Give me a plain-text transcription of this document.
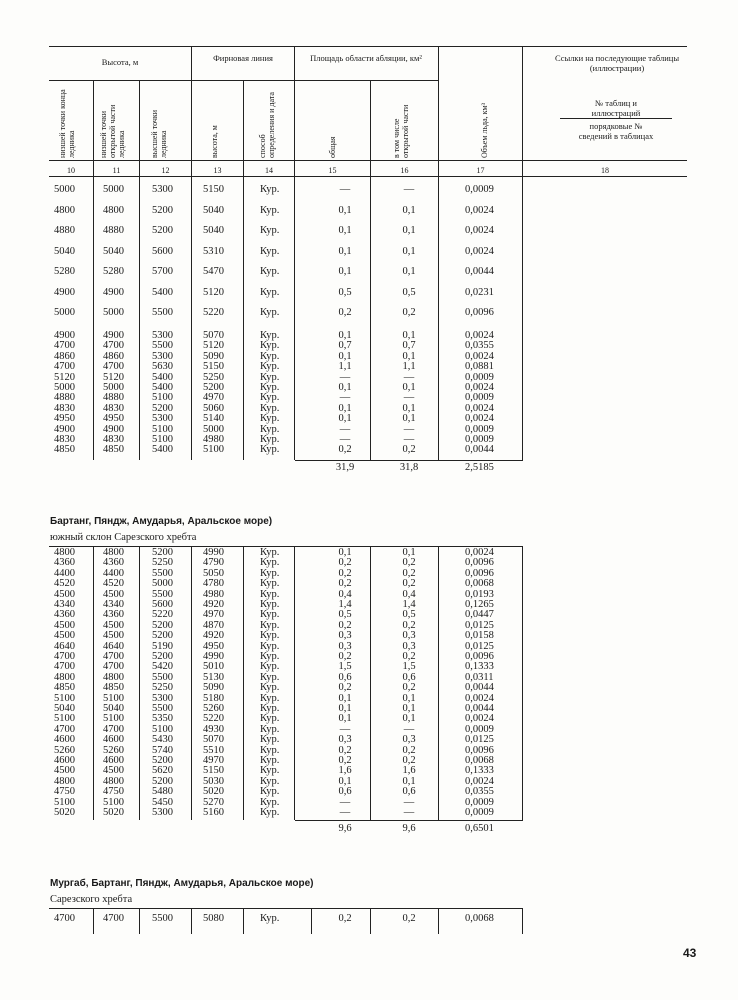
Высота, м	Фирновая линия	Площадь области абляции, км²	Ссылки на последующие таблицы (иллюстрации)
№ таблиц и иллюстраций
порядковые № сведений в таблицах
низшей точки конца ледника	низшей точки открытой части ледника	высшей точки ледника	высота, м	способ определения и дата	общая	в том числе открытой части	Объем льда, км³
10	11	12	13	14	15	16	17	18
5000	5000	5300	5150	Кур.	—	—	0,0009
4800	4800	5200	5040	Кур.	0,1	0,1	0,0024
4880	4880	5200	5040	Кур.	0,1	0,1	0,0024
5040	5040	5600	5310	Кур.	0,1	0,1	0,0024
5280	5280	5700	5470	Кур.	0,1	0,1	0,0044
4900	4900	5400	5120	Кур.	0,5	0,5	0,0231
5000	5000	5500	5220	Кур.	0,2	0,2	0,0096
4900	4900	5300	5070	Кур.	0,1	0,1	0,0024
4700	4700	5500	5120	Кур.	0,7	0,7	0,0355
4860	4860	5300	5090	Кур.	0,1	0,1	0,0024
4700	4700	5630	5150	Кур.	1,1	1,1	0,0881
5120	5120	5400	5250	Кур.	—	—	0,0009
5000	5000	5400	5200	Кур.	0,1	0,1	0,0024
4880	4880	5100	4970	Кур.	—	—	0,0009
4830	4830	5200	5060	Кур.	0,1	0,1	0,0024
4950	4950	5300	5140	Кур.	0,1	0,1	0,0024
4900	4900	5100	5000	Кур.	—	—	0,0009
4830	4830	5100	4980	Кур.	—	—	0,0009
4850	4850	5400	5100	Кур.	0,2	0,2	0,0044
31,9	31,8	2,5185
Бартанг, Пяндж, Амударья, Аральское море)
южный склон Сарезского хребта
4800	4800	5200	4990	Кур.	0,1	0,1	0,0024
4360	4360	5250	4790	Кур.	0,2	0,2	0,0096
4400	4400	5500	5050	Кур.	0,2	0,2	0,0096
4520	4520	5000	4780	Кур.	0,2	0,2	0,0068
4500	4500	5500	4980	Кур.	0,4	0,4	0,0193
4340	4340	5600	4920	Кур.	1,4	1,4	0,1265
4360	4360	5220	4970	Кур.	0,5	0,5	0,0447
4500	4500	5200	4870	Кур.	0,2	0,2	0,0125
4500	4500	5200	4920	Кур.	0,3	0,3	0,0158
4640	4640	5190	4950	Кур.	0,3	0,3	0,0125
4700	4700	5200	4990	Кур.	0,2	0,2	0,0096
4700	4700	5420	5010	Кур.	1,5	1,5	0,1333
4800	4800	5500	5130	Кур.	0,6	0,6	0,0311
4850	4850	5250	5090	Кур.	0,2	0,2	0,0044
5100	5100	5300	5180	Кур.	0,1	0,1	0,0024
5040	5040	5500	5260	Кур.	0,1	0,1	0,0044
5100	5100	5350	5220	Кур.	0,1	0,1	0,0024
4700	4700	5100	4930	Кур.	—	—	0,0009
4600	4600	5430	5070	Кур.	0,3	0,3	0,0125
5260	5260	5740	5510	Кур.	0,2	0,2	0,0096
4600	4600	5200	4970	Кур.	0,2	0,2	0,0068
4500	4500	5620	5150	Кур.	1,6	1,6	0,1333
4800	4800	5200	5030	Кур.	0,1	0,1	0,0024
4750	4750	5480	5020	Кур.	0,6	0,6	0,0355
5100	5100	5450	5270	Кур.	—	—	0,0009
5020	5020	5300	5160	Кур.	—	—	0,0009
9,6	9,6	0,6501
Мургаб, Бартанг, Пяндж, Амударья, Аральское море)
Сарезского хребта
4700	4700	5500	5080	Кур.	0,2	0,2	0,0068
43
